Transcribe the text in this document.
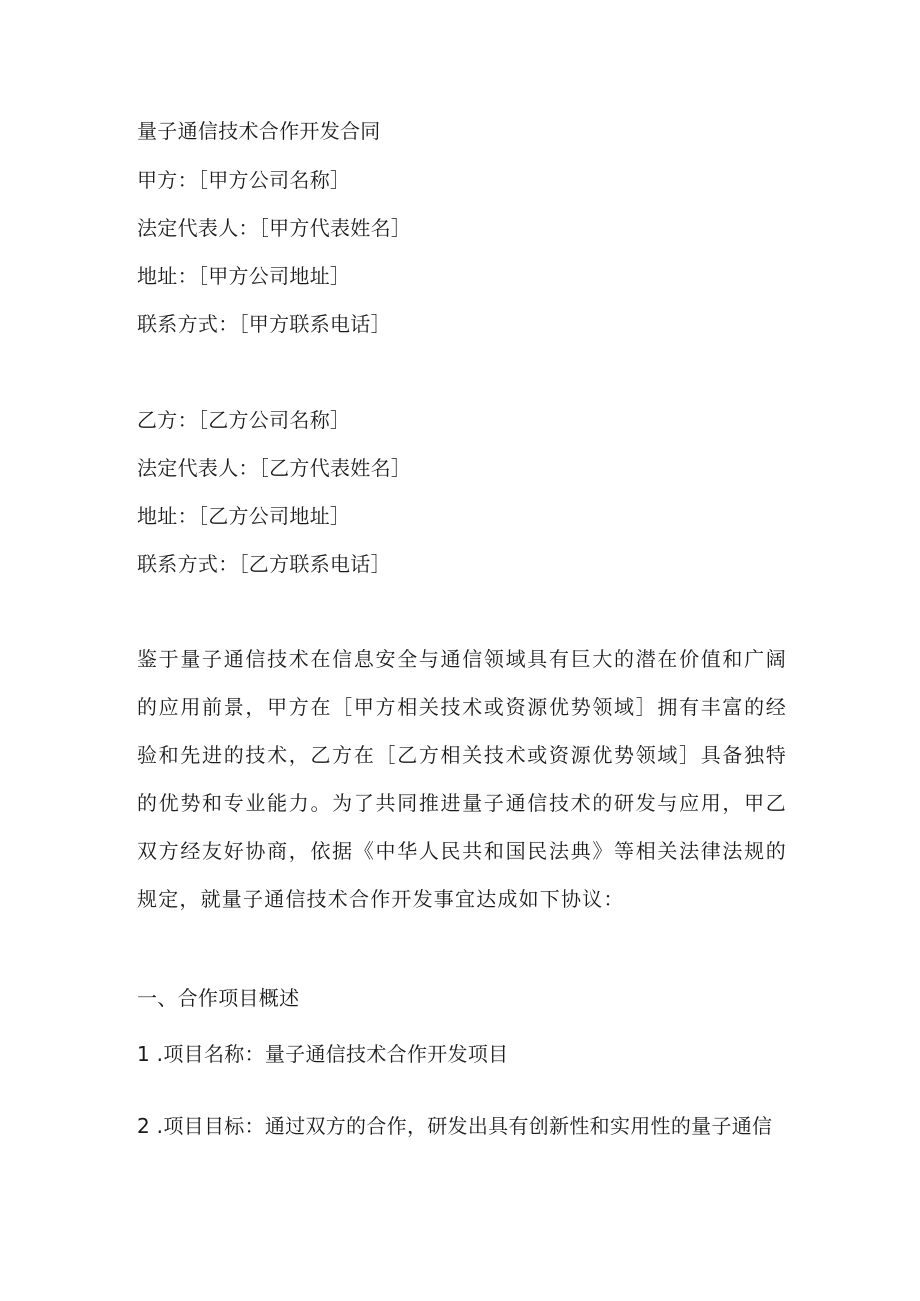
量子通信技术合作开发合同
甲方：［甲方公司名称］
法定代表人：［甲方代表姓名］
地址：［甲方公司地址］
联系方式：［甲方联系电话］
乙方：［乙方公司名称］
法定代表人：［乙方代表姓名］
地址：［乙方公司地址］
联系方式：［乙方联系电话］
鉴于量子通信技术在信息安全与通信领域具有巨大的潜在价值和广阔的应用前景，甲方在［甲方相关技术或资源优势领域］拥有丰富的经验和先进的技术，乙方在［乙方相关技术或资源优势领域］具备独特的优势和专业能力。为了共同推进量子通信技术的研发与应用，甲乙双方经友好协商，依据《中华人民共和国民法典》等相关法律法规的规定，就量子通信技术合作开发事宜达成如下协议：
一、合作项目概述
1 .项目名称：量子通信技术合作开发项目
2 .项目目标：通过双方的合作，研发出具有创新性和实用性的量子通信
